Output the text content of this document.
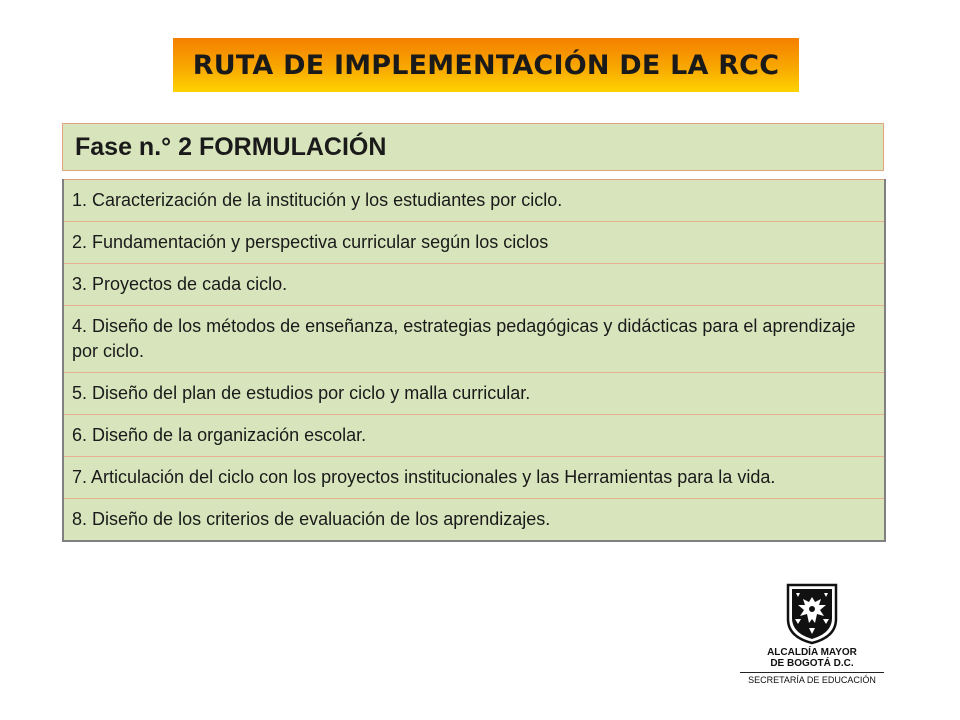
RUTA DE IMPLEMENTACIÓN DE LA RCC
Fase n.° 2 FORMULACIÓN
1. Caracterización de la institución y los estudiantes por ciclo.
2. Fundamentación y perspectiva curricular según los ciclos
3. Proyectos de cada ciclo.
4. Diseño de los métodos de enseñanza, estrategias pedagógicas y didácticas para el aprendizaje por ciclo.
5. Diseño del plan de estudios por ciclo y malla curricular.
6. Diseño de la organización escolar.
7. Articulación del ciclo con los proyectos institucionales y las Herramientas para la vida.
8. Diseño de los criterios de evaluación de los aprendizajes.
ALCALDÍA MAYOR
DE BOGOTÁ D.C.
SECRETARÍA DE EDUCACIÓN
